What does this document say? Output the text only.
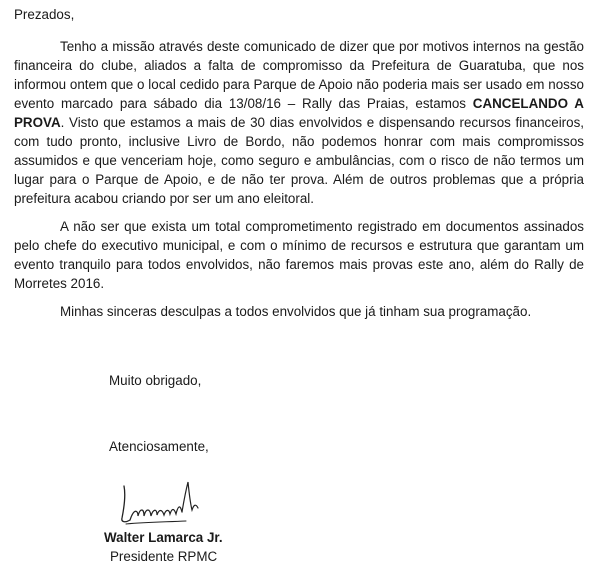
Prezados,

Tenho a missão através deste comunicado de dizer que por motivos internos na gestão financeira do clube, aliados a falta de compromisso da Prefeitura de Guaratuba, que nos informou ontem que o local cedido para Parque de Apoio não poderia mais ser usado em nosso evento marcado para sábado dia 13/08/16 – Rally das Praias, estamos CANCELANDO A PROVA. Visto que estamos a mais de 30 dias envolvidos e dispensando recursos financeiros, com tudo pronto, inclusive Livro de Bordo, não podemos honrar com mais compromissos assumidos e que venceriam hoje, como seguro e ambulâncias, com o risco de não termos um lugar para o Parque de Apoio, e de não ter prova. Além de outros problemas que a própria prefeitura acabou criando por ser um ano eleitoral.

A não ser que exista um total comprometimento registrado em documentos assinados pelo chefe do executivo municipal, e com o mínimo de recursos e estrutura que garantam um evento tranquilo para todos envolvidos, não faremos mais provas este ano, além do Rally de Morretes 2016.

Minhas sinceras desculpas a todos envolvidos que já tinham sua programação.

Muito obrigado,

Atenciosamente,

Walter Lamarca Jr.

Presidente RPMC
